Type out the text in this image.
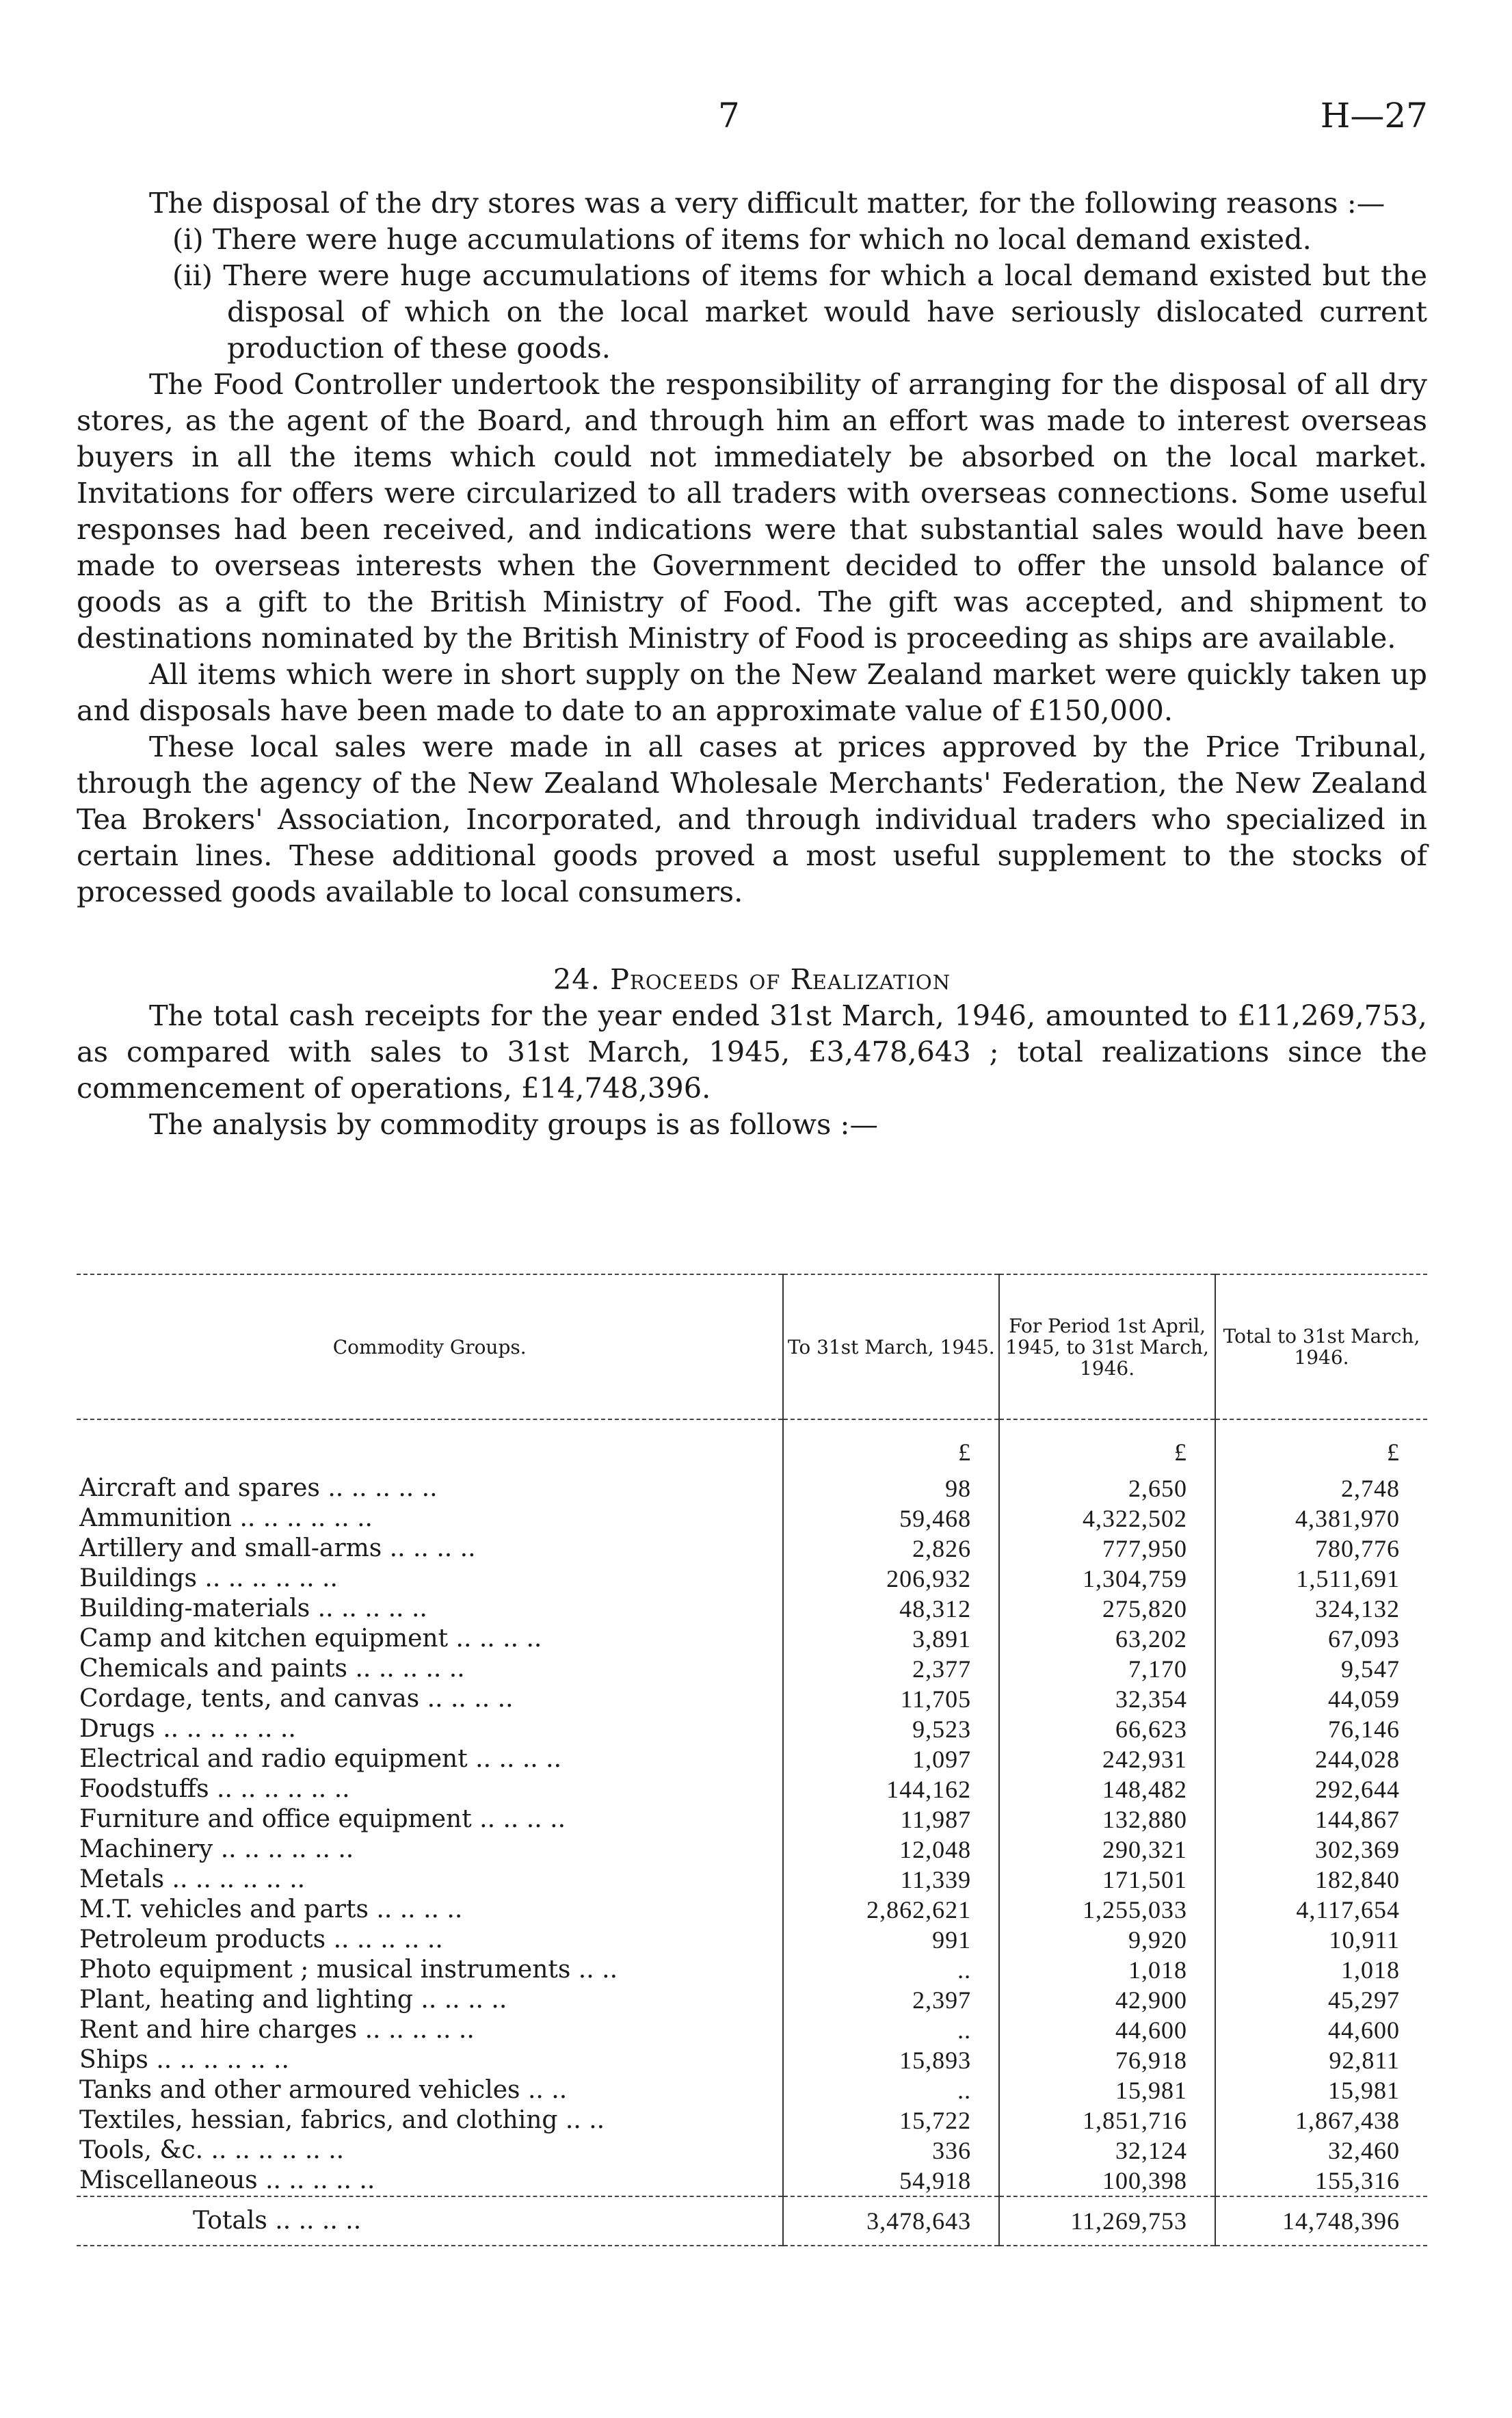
7	H—27

The disposal of the dry stores was a very difficult matter, for the following reasons :—

(i) There were huge accumulations of items for which no local demand existed.

(ii) There were huge accumulations of items for which a local demand existed but the disposal of which on the local market would have seriously dislocated current production of these goods.

The Food Controller undertook the responsibility of arranging for the disposal of all dry stores, as the agent of the Board, and through him an effort was made to interest overseas buyers in all the items which could not immediately be absorbed on the local market. Invitations for offers were circularized to all traders with overseas connections. Some useful responses had been received, and indications were that substantial sales would have been made to overseas interests when the Government decided to offer the unsold balance of goods as a gift to the British Ministry of Food. The gift was accepted, and shipment to destinations nominated by the British Ministry of Food is proceeding as ships are available.

All items which were in short supply on the New Zealand market were quickly taken up and disposals have been made to date to an approximate value of £150,000.

These local sales were made in all cases at prices approved by the Price Tribunal, through the agency of the New Zealand Wholesale Merchants' Federation, the New Zealand Tea Brokers' Association, Incorporated, and through individual traders who specialized in certain lines. These additional goods proved a most useful supplement to the stocks of processed goods available to local consumers.

24. Proceeds of Realization

The total cash receipts for the year ended 31st March, 1946, amounted to £11,269,753, as compared with sales to 31st March, 1945, £3,478,643 ; total realizations since the commencement of operations, £14,748,396.

The analysis by commodity groups is as follows :—

Commodity Groups.	To 31st March, 1945.	For Period 1st April, 1945, to 31st March, 1946.	Total to 31st March, 1946.
	£	£	£
Aircraft and spares .. .. .. .. ..	98	2,650	2,748
Ammunition .. .. .. .. .. ..	59,468	4,322,502	4,381,970
Artillery and small-arms .. .. .. ..	2,826	777,950	780,776
Buildings .. .. .. .. .. ..	206,932	1,304,759	1,511,691
Building-materials .. .. .. .. ..	48,312	275,820	324,132
Camp and kitchen equipment .. .. .. ..	3,891	63,202	67,093
Chemicals and paints .. .. .. .. ..	2,377	7,170	9,547
Cordage, tents, and canvas .. .. .. ..	11,705	32,354	44,059
Drugs .. .. .. .. .. ..	9,523	66,623	76,146
Electrical and radio equipment .. .. .. ..	1,097	242,931	244,028
Foodstuffs .. .. .. .. .. ..	144,162	148,482	292,644
Furniture and office equipment .. .. .. ..	11,987	132,880	144,867
Machinery .. .. .. .. .. ..	12,048	290,321	302,369
Metals .. .. .. .. .. ..	11,339	171,501	182,840
M.T. vehicles and parts .. .. .. ..	2,862,621	1,255,033	4,117,654
Petroleum products .. .. .. .. ..	991	9,920	10,911
Photo equipment ; musical instruments .. ..	..	1,018	1,018
Plant, heating and lighting .. .. .. ..	2,397	42,900	45,297
Rent and hire charges .. .. .. .. ..	..	44,600	44,600
Ships .. .. .. .. .. ..	15,893	76,918	92,811
Tanks and other armoured vehicles .. ..	..	15,981	15,981
Textiles, hessian, fabrics, and clothing .. ..	15,722	1,851,716	1,867,438
Tools, &c. .. .. .. .. .. ..	336	32,124	32,460
Miscellaneous .. .. .. .. ..	54,918	100,398	155,316
Totals .. .. .. ..	3,478,643	11,269,753	14,748,396
